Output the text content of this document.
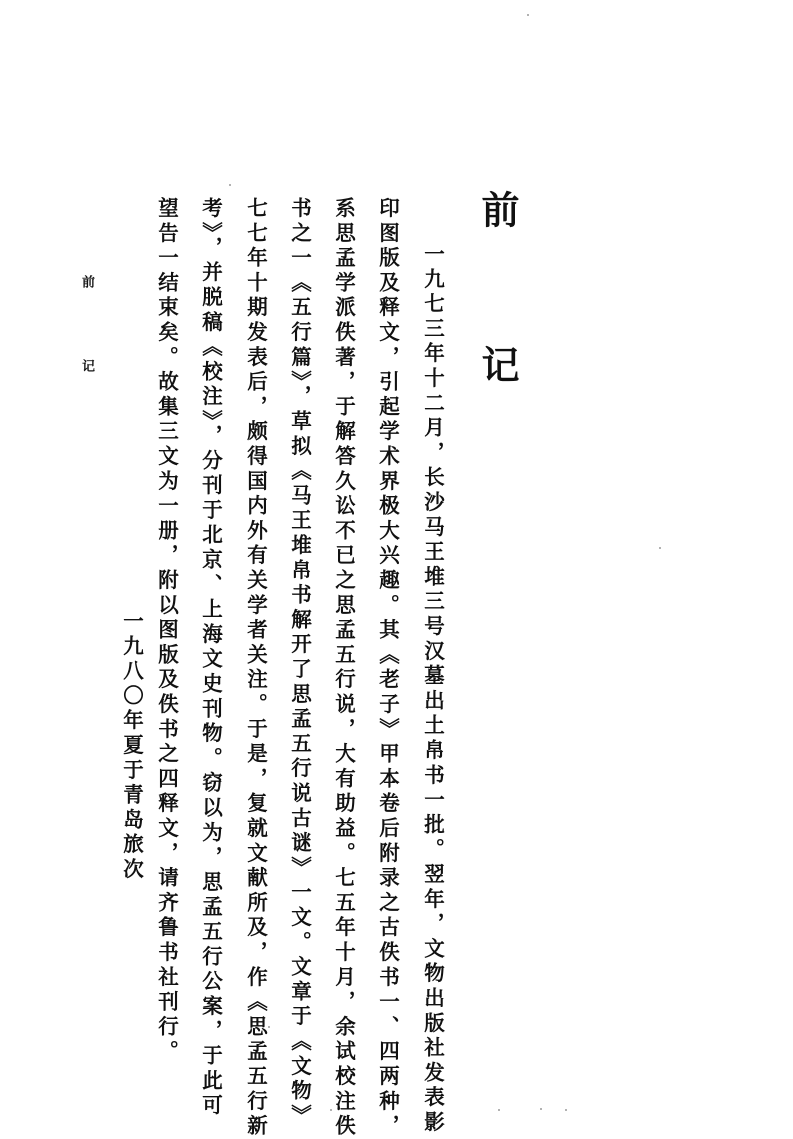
前 记	前 记
一九七三年十二月，长沙马王堆三号汉墓出土帛书一批。翌年，文物出版社发表影
印图版及释文，引起学术界极大兴趣。其《老子》甲本卷后附录之古佚书一、四两种，
系思孟学派佚著，于解答久讼不已之思孟五行说，大有助益。七五年十月，余试校注佚
书之一《五行篇》，草拟《马王堆帛书解开了思孟五行说古谜》一文。文章于《文物》
七七年十期发表后，颇得国内外有关学者关注。于是，复就文献所及，作《思孟五行新
考》，并脱稿《校注》，分刊于北京、上海文史刊物。窃以为，思孟五行公案，于此可
望告一结束矣。故集三文为一册，附以图版及佚书之四释文，请齐鲁书社刊行。
一九八〇年夏于青岛旅次
